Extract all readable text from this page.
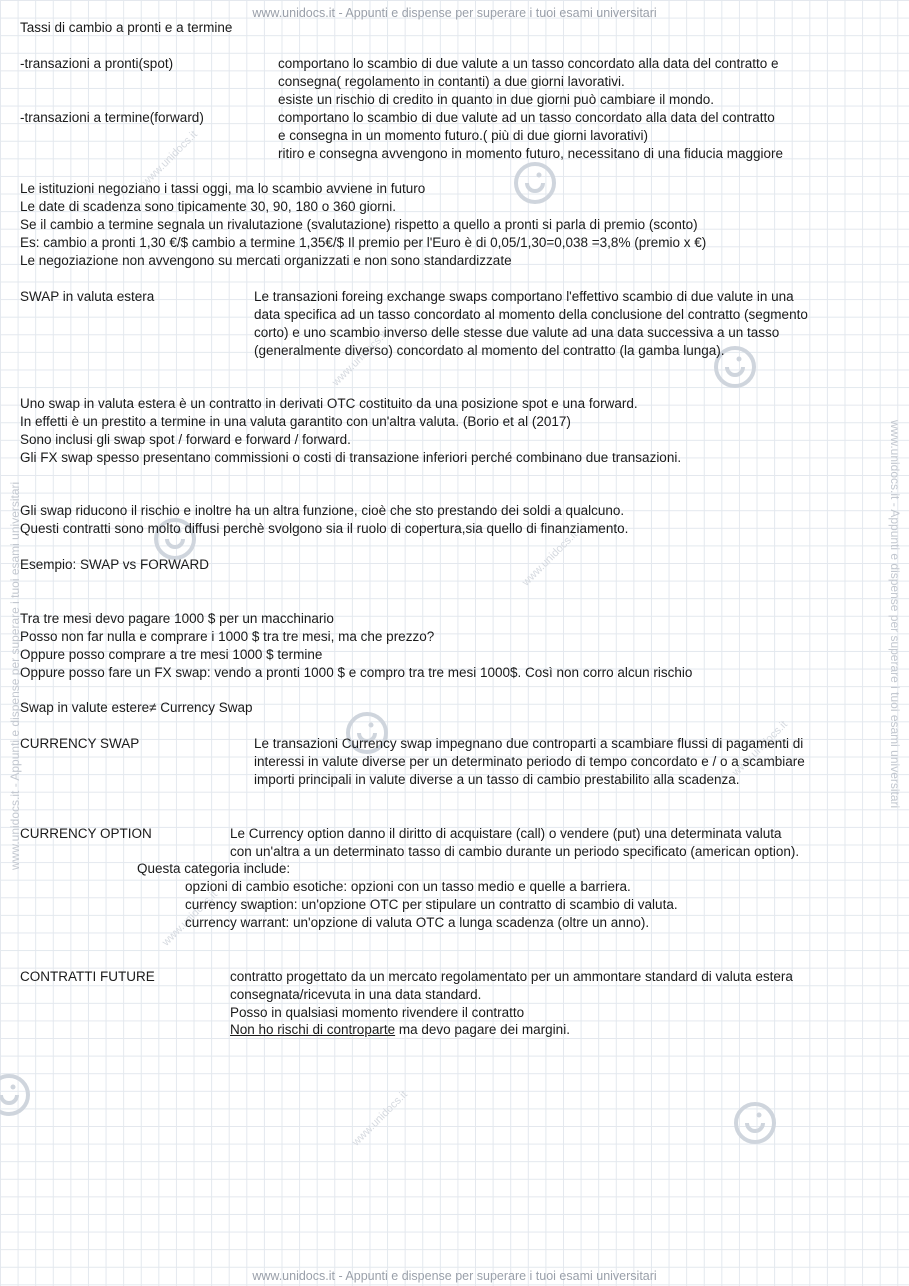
www.unidocs.it - Appunti e dispense per superare i tuoi esami universitari
www.unidocs.it - Appunti e dispense per superare i tuoi esami universitari
www.unidocs.it - Appunti e dispense per superare i tuoi esami universitari	www.unidocs.it - Appunti e dispense per superare i tuoi esami universitari
www.unidocs.it
www.unidocs.it
www.unidocs.it
www.unidocs.it
www.unidocs.it
www.unidocs.it
Tassi di cambio a pronti e a termine
-transazioni a pronti(spot)	comportano lo scambio di due valute a un tasso concordato alla data del contratto e
consegna( regolamento in contanti) a due giorni lavorativi.
esiste un rischio di credito in quanto in due giorni può cambiare il mondo.
-transazioni a termine(forward)	comportano lo scambio di due valute ad un tasso concordato alla data del contratto
e consegna in un momento futuro.( più di due giorni lavorativi)
ritiro e consegna avvengono in momento futuro, necessitano di una fiducia maggiore
Le istituzioni negoziano i tassi oggi, ma lo scambio avviene in futuro
Le date di scadenza sono tipicamente 30, 90, 180 o 360 giorni.
Se il cambio a termine segnala un rivalutazione (svalutazione) rispetto a quello a pronti si parla di premio (sconto)
Es: cambio a pronti 1,30 €/$ cambio a termine 1,35€/$ Il premio per l'Euro è di 0,05/1,30=0,038 =3,8% (premio x €)
Le negoziazione non avvengono su mercati organizzati e non sono standardizzate
SWAP in valuta estera	Le transazioni foreing exchange swaps comportano l'effettivo scambio di due valute in una
data specifica ad un tasso concordato al momento della conclusione del contratto (segmento
corto) e uno scambio inverso delle stesse due valute ad una data successiva a un tasso
(generalmente diverso) concordato al momento del contratto (la gamba lunga).
Uno swap in valuta estera è un contratto in derivati OTC costituito da una posizione spot e una forward.
In effetti è un prestito a termine in una valuta garantito con un'altra valuta. (Borio et al (2017)
Sono inclusi gli swap spot / forward e forward / forward.
Gli FX swap spesso presentano commissioni o costi di transazione inferiori perché combinano due transazioni.
Gli swap riducono il rischio e inoltre ha un altra funzione, cioè che sto prestando dei soldi a qualcuno.
Questi contratti sono molto diffusi perchè svolgono sia il ruolo di copertura,sia quello di finanziamento.
Esempio: SWAP vs FORWARD
Tra tre mesi devo pagare 1000 $ per un macchinario
Posso non far nulla e comprare i 1000 $ tra tre mesi, ma che prezzo?
Oppure posso comprare a tre mesi 1000 $ termine
Oppure posso fare un FX swap: vendo a pronti 1000 $ e compro tra tre mesi 1000$. Così non corro alcun rischio
Swap in valute estere≠ Currency Swap
CURRENCY SWAP	Le transazioni Currency swap impegnano due controparti a scambiare flussi di pagamenti di
interessi in valute diverse per un determinato periodo di tempo concordato e / o a scambiare
importi principali in valute diverse a un tasso di cambio prestabilito alla scadenza.
CURRENCY OPTION	Le Currency option danno il diritto di acquistare (call) o vendere (put) una determinata valuta
con un'altra a un determinato tasso di cambio durante un periodo specificato (american option).
Questa categoria include:
opzioni di cambio esotiche: opzioni con un tasso medio e quelle a barriera.
currency swaption: un'opzione OTC per stipulare un contratto di scambio di valuta.
currency warrant: un'opzione di valuta OTC a lunga scadenza (oltre un anno).
CONTRATTI FUTURE	contratto progettato da un mercato regolamentato per un ammontare standard di valuta estera
consegnata/ricevuta in una data standard.
Posso in qualsiasi momento rivendere il contratto
Non ho rischi di controparte ma devo pagare dei margini.
